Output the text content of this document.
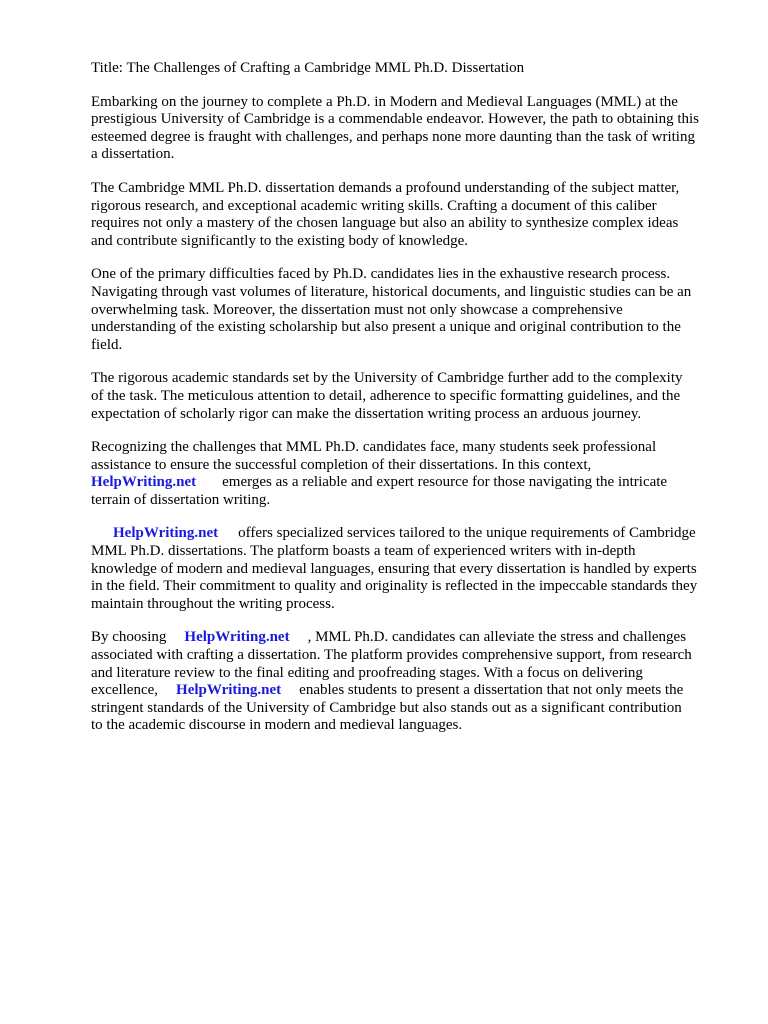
Title: The Challenges of Crafting a Cambridge MML Ph.D. Dissertation
Embarking on the journey to complete a Ph.D. in Modern and Medieval Languages (MML) at the
prestigious University of Cambridge is a commendable endeavor. However, the path to obtaining this
esteemed degree is fraught with challenges, and perhaps none more daunting than the task of writing
a dissertation.
The Cambridge MML Ph.D. dissertation demands a profound understanding of the subject matter,
rigorous research, and exceptional academic writing skills. Crafting a document of this caliber
requires not only a mastery of the chosen language but also an ability to synthesize complex ideas
and contribute significantly to the existing body of knowledge.
One of the primary difficulties faced by Ph.D. candidates lies in the exhaustive research process.
Navigating through vast volumes of literature, historical documents, and linguistic studies can be an
overwhelming task. Moreover, the dissertation must not only showcase a comprehensive
understanding of the existing scholarship but also present a unique and original contribution to the
field.
The rigorous academic standards set by the University of Cambridge further add to the complexity
of the task. The meticulous attention to detail, adherence to specific formatting guidelines, and the
expectation of scholarly rigor can make the dissertation writing process an arduous journey.
Recognizing the challenges that MML Ph.D. candidates face, many students seek professional
assistance to ensure the successful completion of their dissertations. In this context,
HelpWriting.net emerges as a reliable and expert resource for those navigating the intricate
terrain of dissertation writing.
HelpWriting.net offers specialized services tailored to the unique requirements of Cambridge
MML Ph.D. dissertations. The platform boasts a team of experienced writers with in-depth
knowledge of modern and medieval languages, ensuring that every dissertation is handled by experts
in the field. Their commitment to quality and originality is reflected in the impeccable standards they
maintain throughout the writing process.
By choosing HelpWriting.net , MML Ph.D. candidates can alleviate the stress and challenges
associated with crafting a dissertation. The platform provides comprehensive support, from research
and literature review to the final editing and proofreading stages. With a focus on delivering
excellence, HelpWriting.net enables students to present a dissertation that not only meets the
stringent standards of the University of Cambridge but also stands out as a significant contribution
to the academic discourse in modern and medieval languages.
